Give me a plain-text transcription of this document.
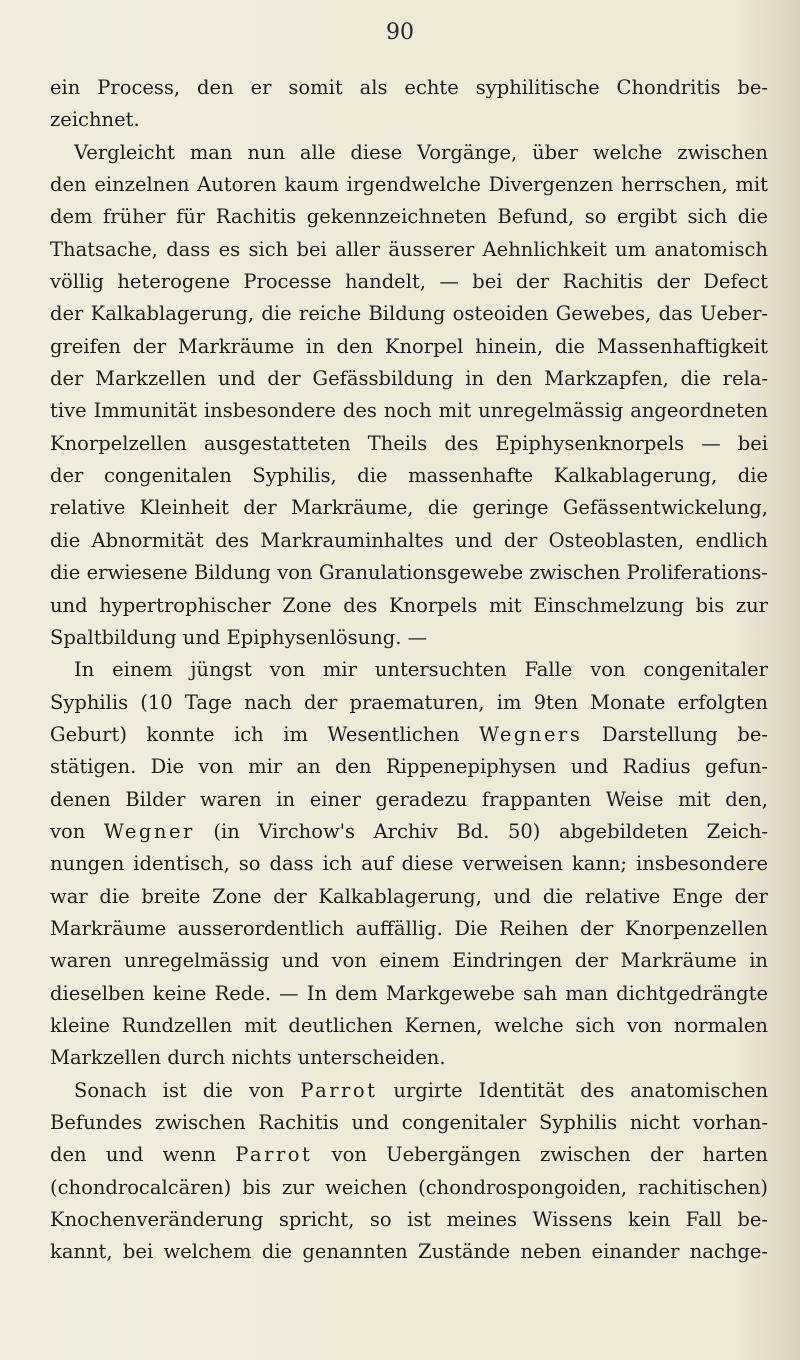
90
ein Process, den er somit als echte syphilitische Chondritis be-
zeichnet.
Vergleicht man nun alle diese Vorgänge, über welche zwischen
den einzelnen Autoren kaum irgendwelche Divergenzen herrschen, mit
dem früher für Rachitis gekennzeichneten Befund, so ergibt sich die
Thatsache, dass es sich bei aller äusserer Aehnlichkeit um anatomisch
völlig heterogene Processe handelt, — bei der Rachitis der Defect
der Kalkablagerung, die reiche Bildung osteoiden Gewebes, das Ueber-
greifen der Markräume in den Knorpel hinein, die Massenhaftigkeit
der Markzellen und der Gefässbildung in den Markzapfen, die rela-
tive Immunität insbesondere des noch mit unregelmässig angeordneten
Knorpelzellen ausgestatteten Theils des Epiphysenknorpels — bei
der congenitalen Syphilis, die massenhafte Kalkablagerung, die
relative Kleinheit der Markräume, die geringe Gefässentwickelung,
die Abnormität des Markrauminhaltes und der Osteoblasten, endlich
die erwiesene Bildung von Granulationsgewebe zwischen Proliferations-
und hypertrophischer Zone des Knorpels mit Einschmelzung bis zur
Spaltbildung und Epiphysenlösung. —
In einem jüngst von mir untersuchten Falle von congenitaler
Syphilis (10 Tage nach der praematuren, im 9ten Monate erfolgten
Geburt) konnte ich im Wesentlichen Wegners Darstellung be-
stätigen. Die von mir an den Rippenepiphysen und Radius gefun-
denen Bilder waren in einer geradezu frappanten Weise mit den,
von Wegner (in Virchow's Archiv Bd. 50) abgebildeten Zeich-
nungen identisch, so dass ich auf diese verweisen kann; insbesondere
war die breite Zone der Kalkablagerung, und die relative Enge der
Markräume ausserordentlich auffällig. Die Reihen der Knorpenzellen
waren unregelmässig und von einem Eindringen der Markräume in
dieselben keine Rede. — In dem Markgewebe sah man dichtgedrängte
kleine Rundzellen mit deutlichen Kernen, welche sich von normalen
Markzellen durch nichts unterscheiden.
Sonach ist die von Parrot urgirte Identität des anatomischen
Befundes zwischen Rachitis und congenitaler Syphilis nicht vorhan-
den und wenn Parrot von Uebergängen zwischen der harten
(chondrocalcären) bis zur weichen (chondrospongoiden, rachitischen)
Knochenveränderung spricht, so ist meines Wissens kein Fall be-
kannt, bei welchem die genannten Zustände neben einander nachge-
